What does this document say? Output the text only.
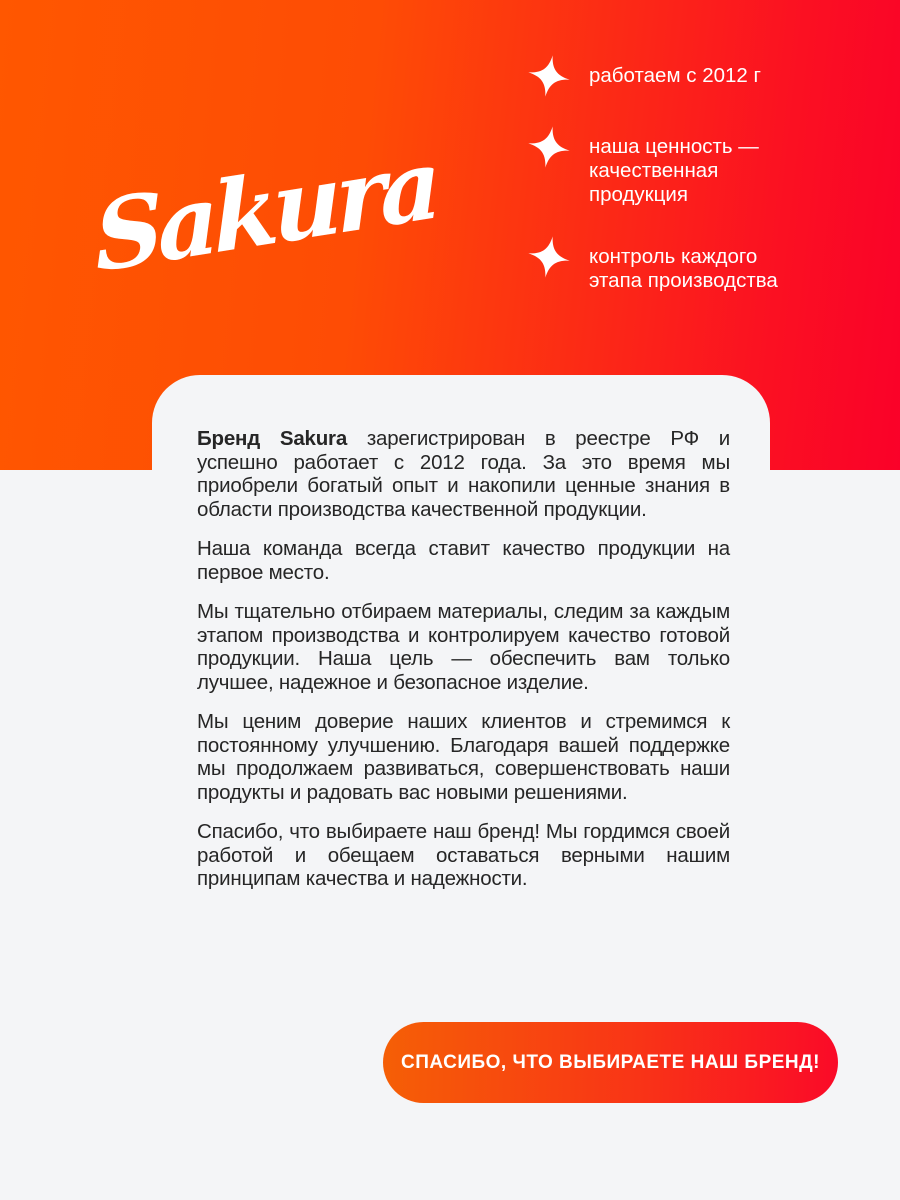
Sakura
работаем с 2012 г
наша ценность — качественная продукция
контроль каждого этапа производства

Бренд Sakura зарегистрирован в реестре РФ и успешно работает с 2012 года. За это время мы приобрели богатый опыт и накопили ценные знания в области производства качественной продукции.

Наша команда всегда ставит качество продукции на первое место.

Мы тщательно отбираем материалы, следим за каждым этапом производства и контролируем качество готовой продукции. Наша цель — обеспечить вам только лучшее, надежное и безопасное изделие.

Мы ценим доверие наших клиентов и стремимся к постоянному улучшению. Благодаря вашей поддержке мы продолжаем развиваться, совершенствовать наши продукты и радовать вас новыми решениями.

Спасибо, что выбираете наш бренд! Мы гордимся своей работой и обещаем оставаться верными нашим принципам качества и надежности.

СПАСИБО, ЧТО ВЫБИРАЕТЕ НАШ БРЕНД!
